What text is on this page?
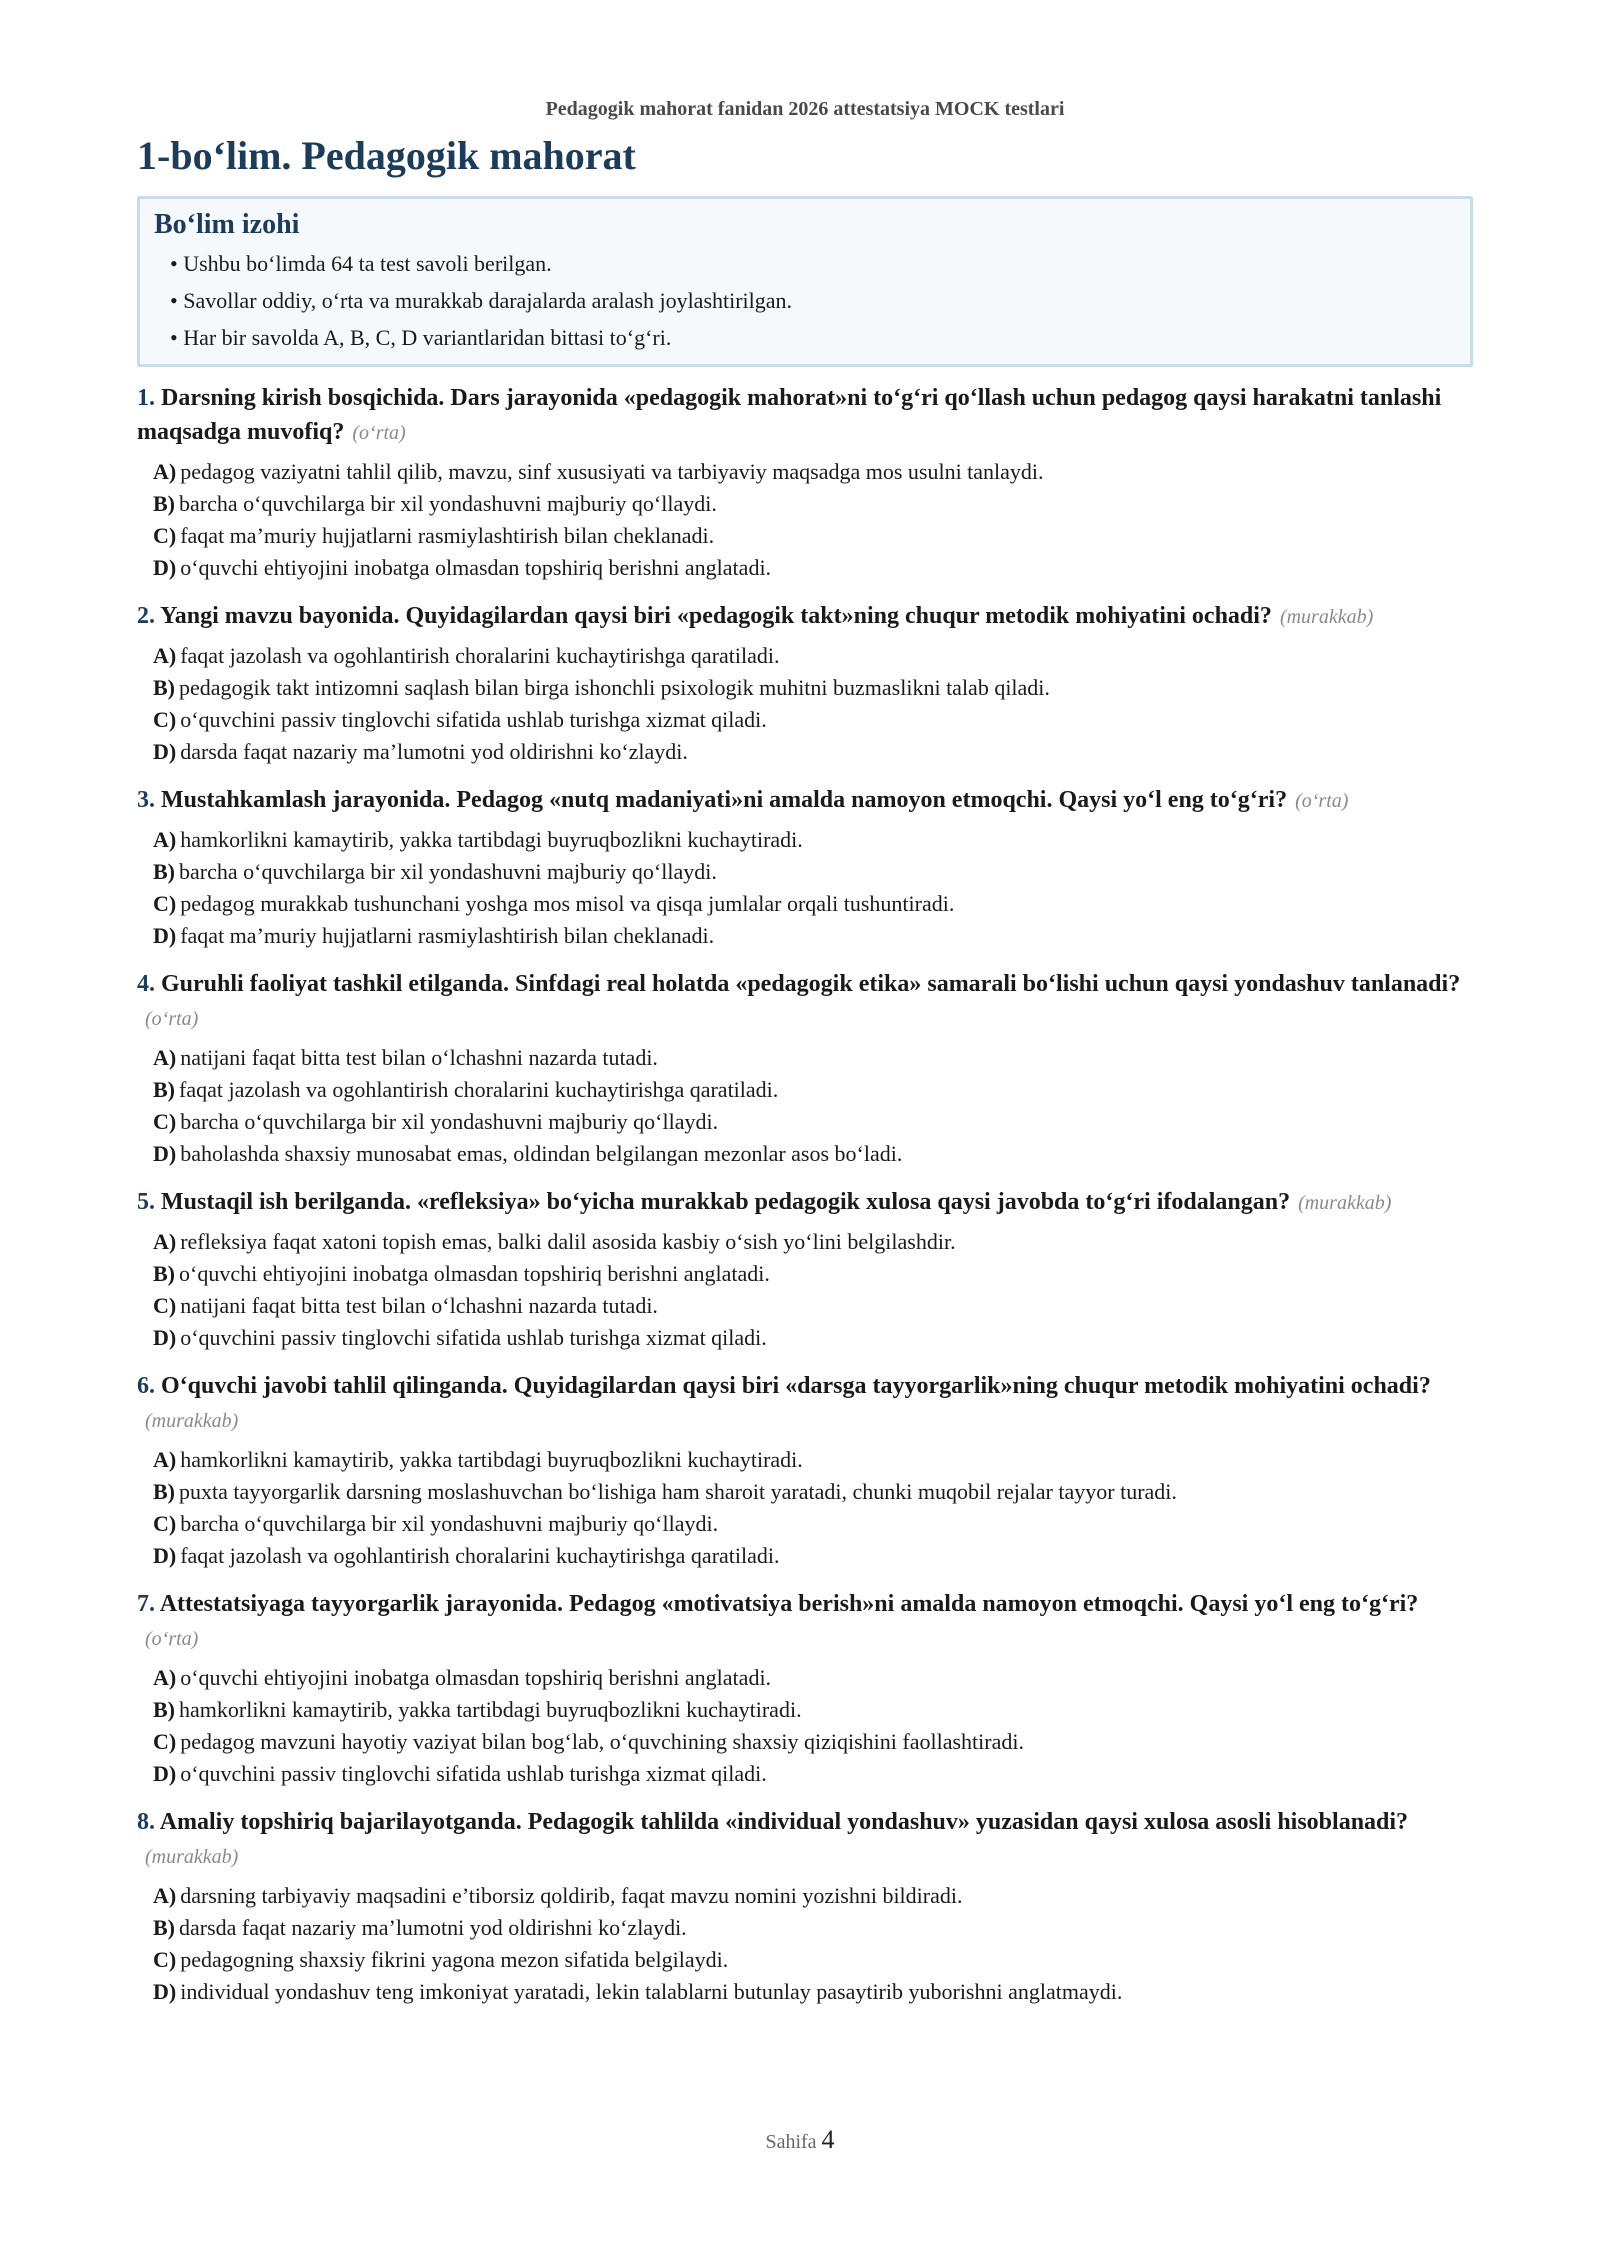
Pedagogik mahorat fanidan 2026 attestatsiya MOCK testlari
1-bo‘lim. Pedagogik mahorat
Bo‘lim izohi
• Ushbu bo‘limda 64 ta test savoli berilgan.
• Savollar oddiy, o‘rta va murakkab darajalarda aralash joylashtirilgan.
• Har bir savolda A, B, C, D variantlaridan bittasi to‘g‘ri.
1. Darsning kirish bosqichida. Dars jarayonida «pedagogik mahorat»ni to‘g‘ri qo‘llash uchun pedagog qaysi harakatni tanlashi maqsadga muvofiq? (o‘rta)
A) pedagog vaziyatni tahlil qilib, mavzu, sinf xususiyati va tarbiyaviy maqsadga mos usulni tanlaydi.
B) barcha o‘quvchilarga bir xil yondashuvni majburiy qo‘llaydi.
C) faqat ma’muriy hujjatlarni rasmiylashtirish bilan cheklanadi.
D) o‘quvchi ehtiyojini inobatga olmasdan topshiriq berishni anglatadi.
2. Yangi mavzu bayonida. Quyidagilardan qaysi biri «pedagogik takt»ning chuqur metodik mohiyatini ochadi? (murakkab)
A) faqat jazolash va ogohlantirish choralarini kuchaytirishga qaratiladi.
B) pedagogik takt intizomni saqlash bilan birga ishonchli psixologik muhitni buzmaslikni talab qiladi.
C) o‘quvchini passiv tinglovchi sifatida ushlab turishga xizmat qiladi.
D) darsda faqat nazariy ma’lumotni yod oldirishni ko‘zlaydi.
3. Mustahkamlash jarayonida. Pedagog «nutq madaniyati»ni amalda namoyon etmoqchi. Qaysi yo‘l eng to‘g‘ri? (o‘rta)
A) hamkorlikni kamaytirib, yakka tartibdagi buyruqbozlikni kuchaytiradi.
B) barcha o‘quvchilarga bir xil yondashuvni majburiy qo‘llaydi.
C) pedagog murakkab tushunchani yoshga mos misol va qisqa jumlalar orqali tushuntiradi.
D) faqat ma’muriy hujjatlarni rasmiylashtirish bilan cheklanadi.
4. Guruhli faoliyat tashkil etilganda. Sinfdagi real holatda «pedagogik etika» samarali bo‘lishi uchun qaysi yondashuv tanlanadi?(o‘rta)
A) natijani faqat bitta test bilan o‘lchashni nazarda tutadi.
B) faqat jazolash va ogohlantirish choralarini kuchaytirishga qaratiladi.
C) barcha o‘quvchilarga bir xil yondashuvni majburiy qo‘llaydi.
D) baholashda shaxsiy munosabat emas, oldindan belgilangan mezonlar asos bo‘ladi.
5. Mustaqil ish berilganda. «refleksiya» bo‘yicha murakkab pedagogik xulosa qaysi javobda to‘g‘ri ifodalangan? (murakkab)
A) refleksiya faqat xatoni topish emas, balki dalil asosida kasbiy o‘sish yo‘lini belgilashdir.
B) o‘quvchi ehtiyojini inobatga olmasdan topshiriq berishni anglatadi.
C) natijani faqat bitta test bilan o‘lchashni nazarda tutadi.
D) o‘quvchini passiv tinglovchi sifatida ushlab turishga xizmat qiladi.
6. O‘quvchi javobi tahlil qilinganda. Quyidagilardan qaysi biri «darsga tayyorgarlik»ning chuqur metodik mohiyatini ochadi?(murakkab)
A) hamkorlikni kamaytirib, yakka tartibdagi buyruqbozlikni kuchaytiradi.
B) puxta tayyorgarlik darsning moslashuvchan bo‘lishiga ham sharoit yaratadi, chunki muqobil rejalar tayyor turadi.
C) barcha o‘quvchilarga bir xil yondashuvni majburiy qo‘llaydi.
D) faqat jazolash va ogohlantirish choralarini kuchaytirishga qaratiladi.
7. Attestatsiyaga tayyorgarlik jarayonida. Pedagog «motivatsiya berish»ni amalda namoyon etmoqchi. Qaysi yo‘l eng to‘g‘ri?(o‘rta)
A) o‘quvchi ehtiyojini inobatga olmasdan topshiriq berishni anglatadi.
B) hamkorlikni kamaytirib, yakka tartibdagi buyruqbozlikni kuchaytiradi.
C) pedagog mavzuni hayotiy vaziyat bilan bog‘lab, o‘quvchining shaxsiy qiziqishini faollashtiradi.
D) o‘quvchini passiv tinglovchi sifatida ushlab turishga xizmat qiladi.
8. Amaliy topshiriq bajarilayotganda. Pedagogik tahlilda «individual yondashuv» yuzasidan qaysi xulosa asosli hisoblanadi?(murakkab)
A) darsning tarbiyaviy maqsadini e’tiborsiz qoldirib, faqat mavzu nomini yozishni bildiradi.
B) darsda faqat nazariy ma’lumotni yod oldirishni ko‘zlaydi.
C) pedagogning shaxsiy fikrini yagona mezon sifatida belgilaydi.
D) individual yondashuv teng imkoniyat yaratadi, lekin talablarni butunlay pasaytirib yuborishni anglatmaydi.
Sahifa 4
